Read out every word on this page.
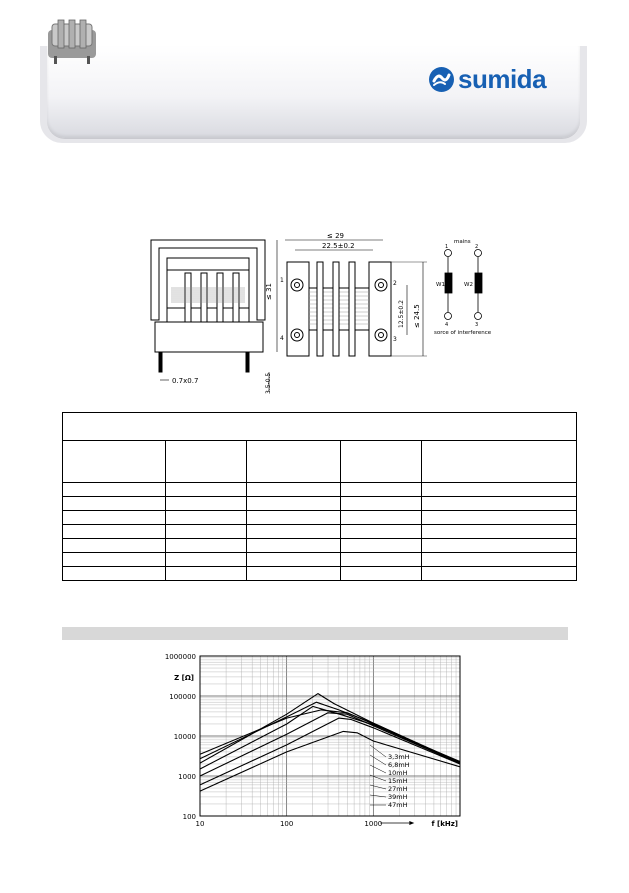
sumida
≤ 31
0.7x0.7	3.5-0.5
≤ 29
22.5±0.2
12.5±0.2 ≤ 24.5
2
3
1
4
mains
1	2
W1	W2
4	3
sorce of interference

100
1000
10000
100000
1000000
10	100	1000
Z [Ω]
f [kHz]
3,3mH
6,8mH
10mH
15mH
27mH
39mH
47mH
